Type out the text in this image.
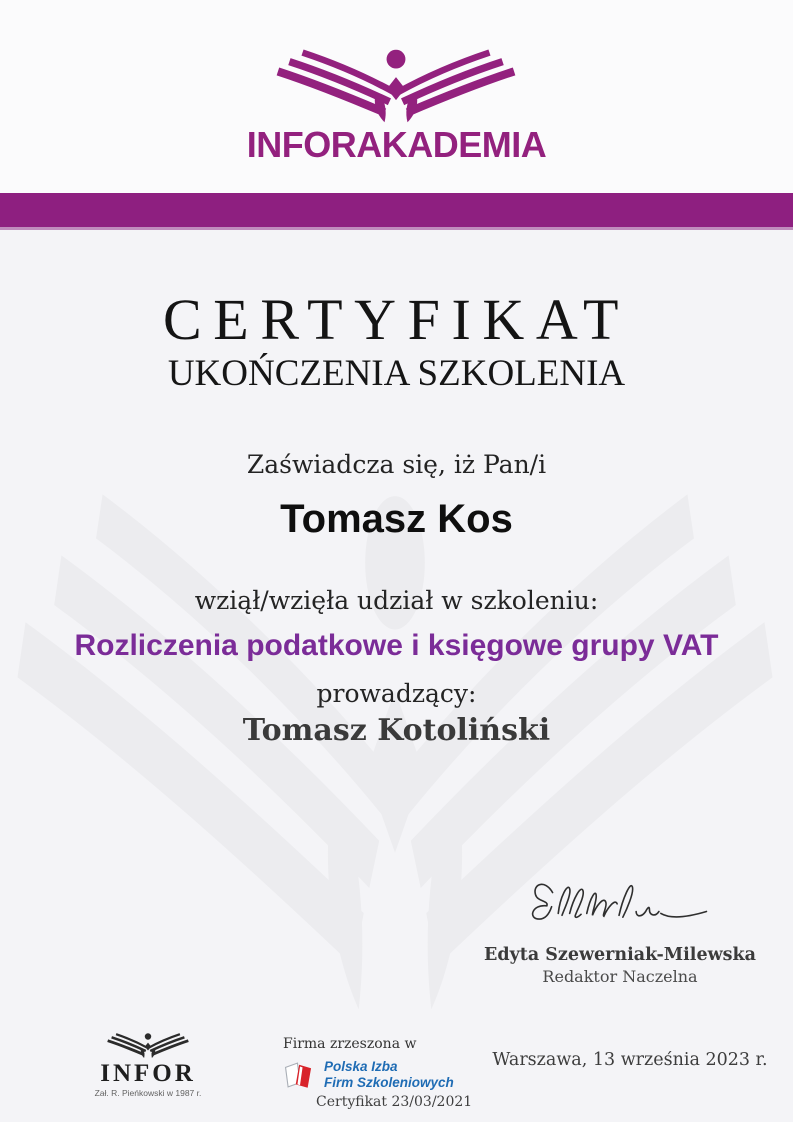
INFORAKADEMIA
CERTYFIKAT
UKOŃCZENIA SZKOLENIA

Zaświadcza się, iż Pan/i

Tomasz Kos

wziął/wzięła udział w szkoleniu:

Rozliczenia podatkowe i księgowe grupy VAT

prowadzący:

Tomasz Kotoliński

Edyta Szewerniak-Milewska

Redaktor Naczelna

INFOR

Zał. R. Pieńkowski w 1987 r.

Firma zrzeszona w

Polska Izba
Firm Szkoleniowych

Certyfikat 23/03/2021

Warszawa, 13 września 2023 r.
